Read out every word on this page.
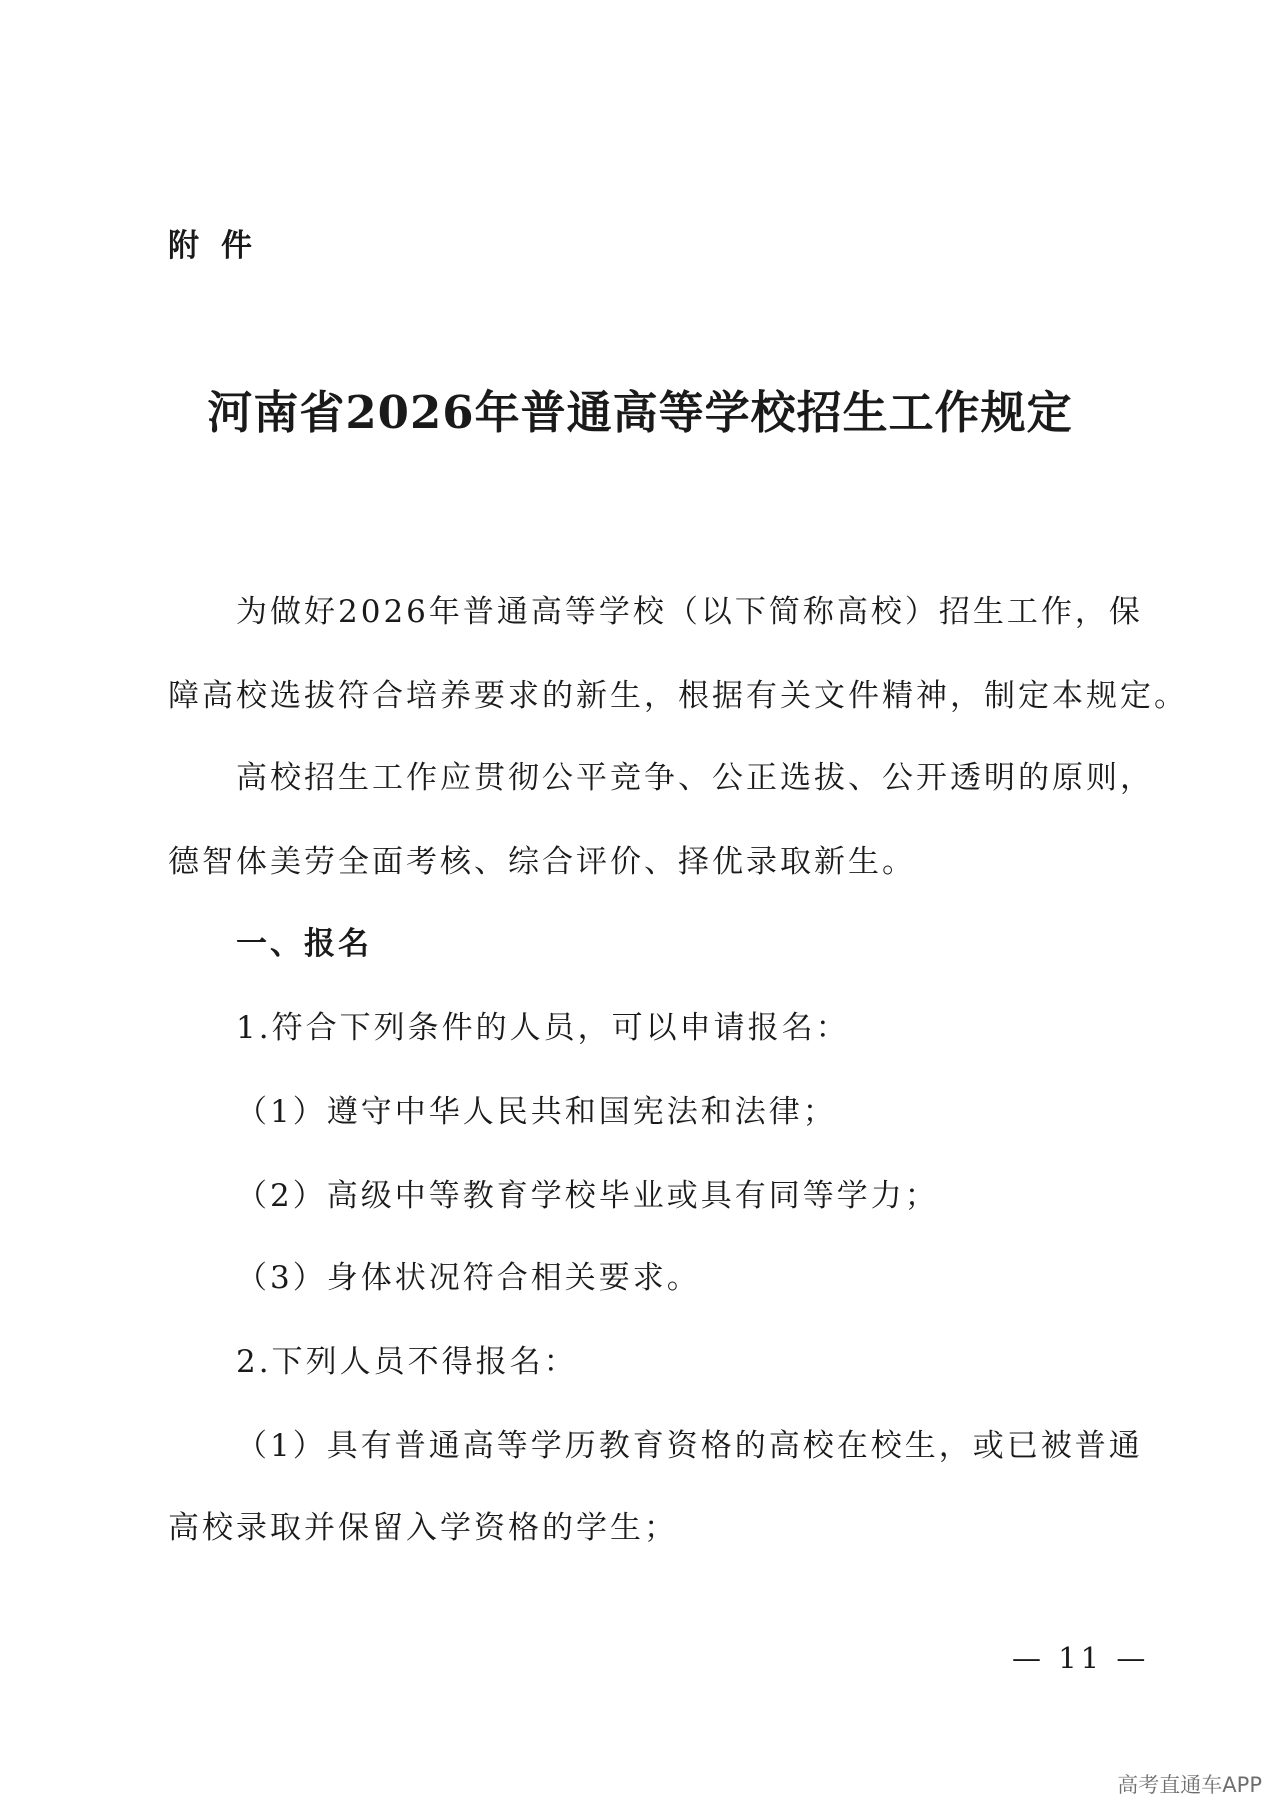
附件
河南省2026年普通高等学校招生工作规定
为做好2026年普通高等学校（以下简称高校）招生工作，保
障高校选拔符合培养要求的新生，根据有关文件精神，制定本规定。
高校招生工作应贯彻公平竞争、公正选拔、公开透明的原则，
德智体美劳全面考核、综合评价、择优录取新生。
一、报名
1.符合下列条件的人员，可以申请报名：
（1）遵守中华人民共和国宪法和法律；
（2）高级中等教育学校毕业或具有同等学力；
（3）身体状况符合相关要求。
2.下列人员不得报名：
（1）具有普通高等学历教育资格的高校在校生，或已被普通
高校录取并保留入学资格的学生；
— 11 —
高考直通车APP
